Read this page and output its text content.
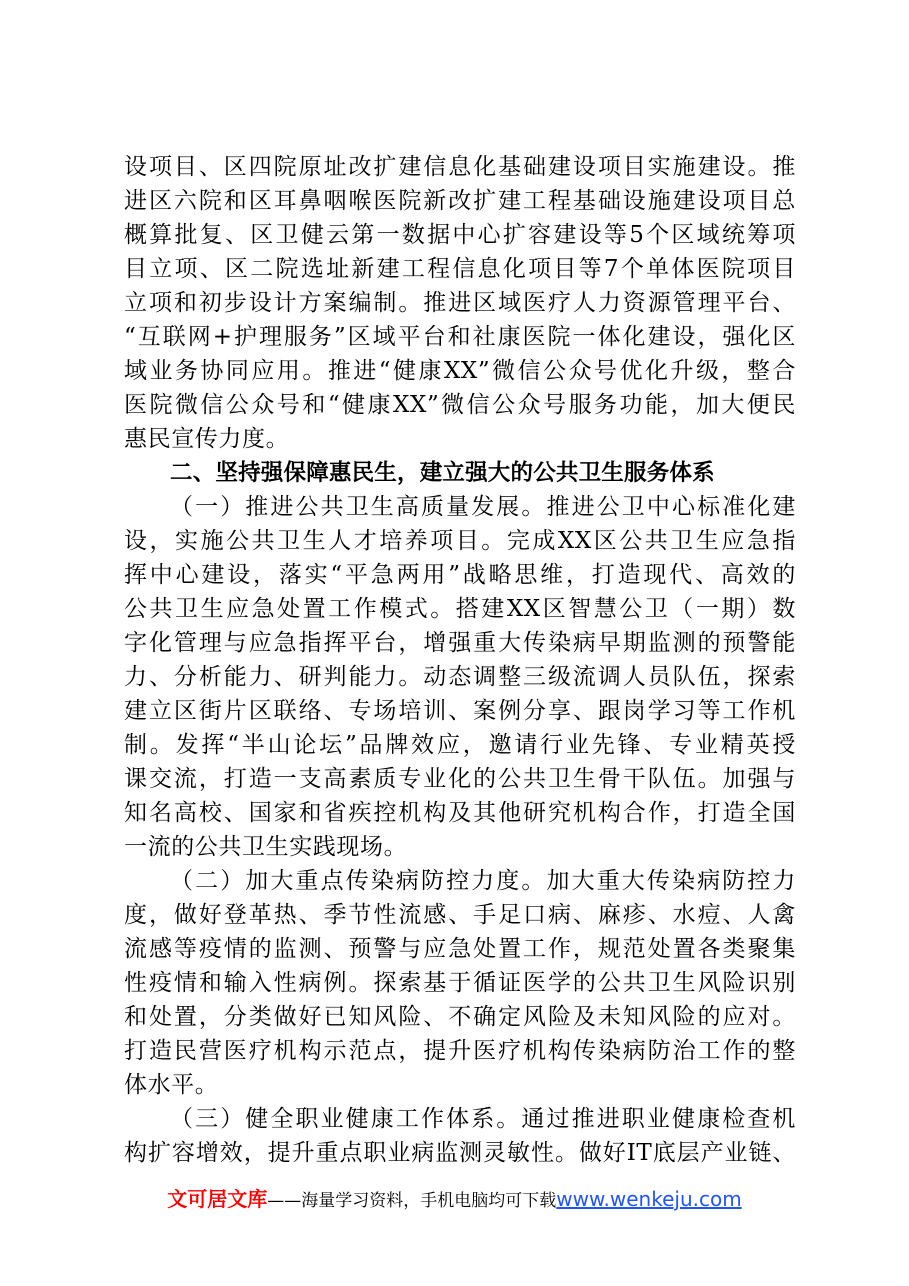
设项目、区四院原址改扩建信息化基础建设项目实施建设。推
进区六院和区耳鼻咽喉医院新改扩建工程基础设施建设项目总
概算批复、区卫健云第一数据中心扩容建设等5个区域统筹项
目立项、区二院选址新建工程信息化项目等7个单体医院项目
立项和初步设计方案编制。推进区域医疗人力资源管理平台、
“互联网+护理服务”区域平台和社康医院一体化建设，强化区
域业务协同应用。推进“健康XX”微信公众号优化升级，整合
医院微信公众号和“健康XX”微信公众号服务功能，加大便民
惠民宣传力度。
二、坚持强保障惠民生，建立强大的公共卫生服务体系
（一）推进公共卫生高质量发展。推进公卫中心标准化建
设，实施公共卫生人才培养项目。完成XX区公共卫生应急指
挥中心建设，落实“平急两用”战略思维，打造现代、高效的
公共卫生应急处置工作模式。搭建XX区智慧公卫（一期）数
字化管理与应急指挥平台，增强重大传染病早期监测的预警能
力、分析能力、研判能力。动态调整三级流调人员队伍，探索
建立区街片区联络、专场培训、案例分享、跟岗学习等工作机
制。发挥“半山论坛”品牌效应，邀请行业先锋、专业精英授
课交流，打造一支高素质专业化的公共卫生骨干队伍。加强与
知名高校、国家和省疾控机构及其他研究机构合作，打造全国
一流的公共卫生实践现场。
（二）加大重点传染病防控力度。加大重大传染病防控力
度，做好登革热、季节性流感、手足口病、麻疹、水痘、人禽
流感等疫情的监测、预警与应急处置工作，规范处置各类聚集
性疫情和输入性病例。探索基于循证医学的公共卫生风险识别
和处置，分类做好已知风险、不确定风险及未知风险的应对。
打造民营医疗机构示范点，提升医疗机构传染病防治工作的整
体水平。
（三）健全职业健康工作体系。通过推进职业健康检查机
构扩容增效，提升重点职业病监测灵敏性。做好IT底层产业链、
文可居文库——海量学习资料，手机电脑均可下载www.wenkeju.com
